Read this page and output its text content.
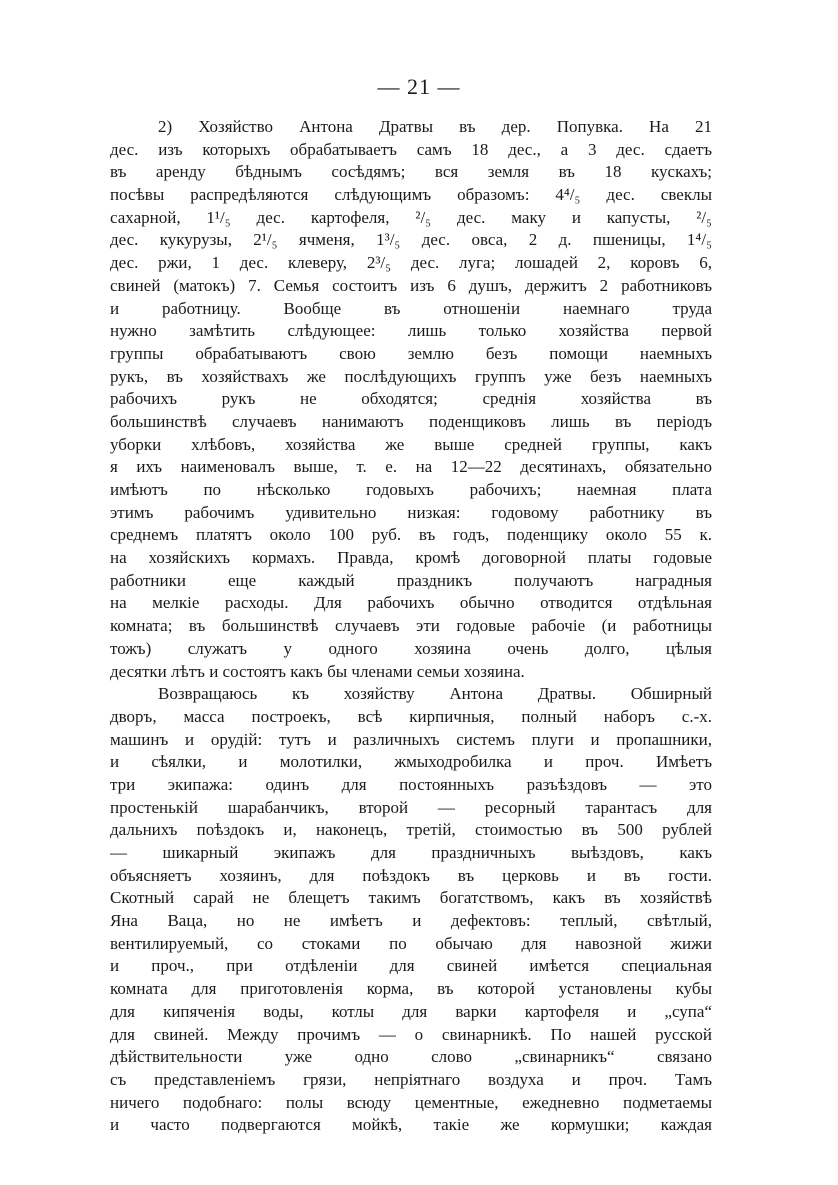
— 21 —
2) Хозяйство Антона Дратвы въ дер. Попувка. На 21
дес. изъ которыхъ обрабатываетъ самъ 18 дес., а 3 дес. сдаетъ
въ аренду бѣднымъ сосѣдямъ; вся земля въ 18 кускахъ;
посѣвы распредѣляются слѣдующимъ образомъ: 4⁴/₅ дес. свеклы
сахарной, 1¹/₅ дес. картофеля, ²/₅ дес. маку и капусты, ²/₅
дес. кукурузы, 2¹/₅ ячменя, 1³/₅ дес. овса, 2 д. пшеницы, 1⁴/₅
дес. ржи, 1 дес. клеверу, 2³/₅ дес. луга; лошадей 2, коровъ 6,
свиней (матокъ) 7. Семья состоитъ изъ 6 душъ, держитъ 2 работниковъ
и работницу. Вообще въ отношеніи наемнаго труда
нужно замѣтить слѣдующее: лишь только хозяйства первой
группы обрабатываютъ свою землю безъ помощи наемныхъ
рукъ, въ хозяйствахъ же послѣдующихъ группъ уже безъ наемныхъ
рабочихъ рукъ не обходятся; среднія хозяйства въ
большинствѣ случаевъ нанимаютъ поденщиковъ лишь въ періодъ
уборки хлѣбовъ, хозяйства же выше средней группы, какъ
я ихъ наименовалъ выше, т. е. на 12—22 десятинахъ, обязательно
имѣютъ по нѣсколько годовыхъ рабочихъ; наемная плата
этимъ рабочимъ удивительно низкая: годовому работнику въ
среднемъ платятъ около 100 руб. въ годъ, поденщику около 55 к.
на хозяйскихъ кормахъ. Правда, кромѣ договорной платы годовые
работники еще каждый праздникъ получаютъ наградныя
на мелкіе расходы. Для рабочихъ обычно отводится отдѣльная
комната; въ большинствѣ случаевъ эти годовые рабочіе (и работницы
тожъ) служатъ у одного хозяина очень долго, цѣлыя
десятки лѣтъ и состоятъ какъ бы членами семьи хозяина.
Возвращаюсь къ хозяйству Антона Дратвы. Обширный
дворъ, масса построекъ, всѣ кирпичныя, полный наборъ с.-х.
машинъ и орудій: тутъ и различныхъ системъ плуги и пропашники,
и сѣялки, и молотилки, жмыходробилка и проч. Имѣетъ
три экипажа: одинъ для постоянныхъ разъѣздовъ — это
простенькій шарабанчикъ, второй — ресорный тарантасъ для
дальнихъ поѣздокъ и, наконецъ, третій, стоимостью въ 500 рублей
— шикарный экипажъ для праздничныхъ выѣздовъ, какъ
объясняетъ хозяинъ, для поѣздокъ въ церковь и въ гости.
Скотный сарай не блещетъ такимъ богатствомъ, какъ въ хозяйствѣ
Яна Ваца, но не имѣетъ и дефектовъ: теплый, свѣтлый,
вентилируемый, со стоками по обычаю для навозной жижи
и проч., при отдѣленіи для свиней имѣется специальная
комната для приготовленія корма, въ которой установлены кубы
для кипяченія воды, котлы для варки картофеля и „супа“
для свиней. Между прочимъ — о свинарникѣ. По нашей русской
дѣйствительности уже одно слово „свинарникъ“ связано
съ представленіемъ грязи, непріятнаго воздуха и проч. Тамъ
ничего подобнаго: полы всюду цементные, ежедневно подметаемы
и часто подвергаются мойкѣ, такіе же кормушки; каждая
